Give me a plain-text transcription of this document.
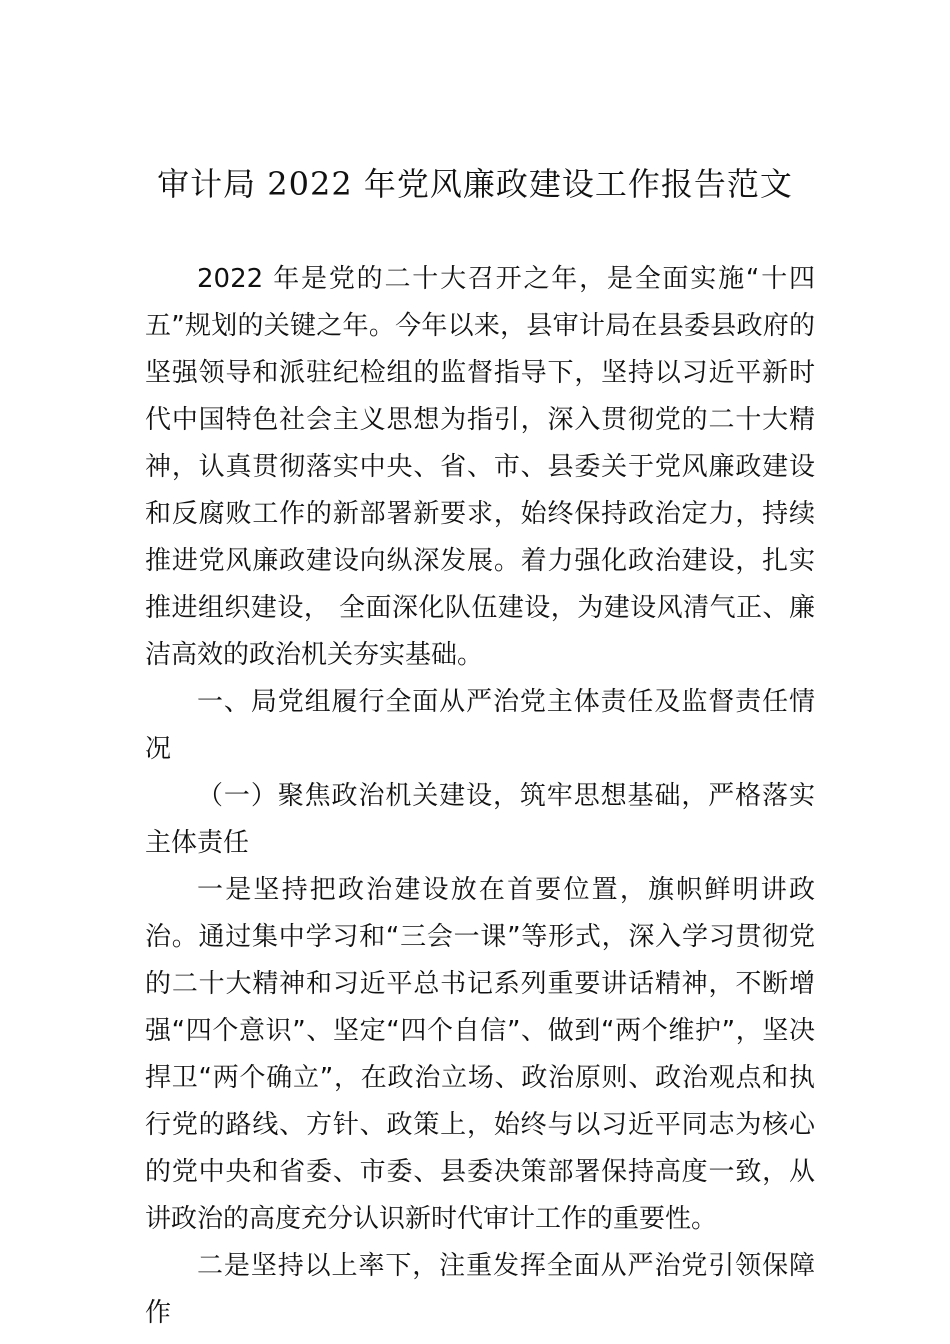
审计局 2022 年党风廉政建设工作报告范文

2022 年是党的二十大召开之年，是全面实施“十四五”规划的关键之年。今年以来，县审计局在县委县政府的坚强领导和派驻纪检组的监督指导下，坚持以习近平新时代中国特色社会主义思想为指引，深入贯彻党的二十大精神，认真贯彻落实中央、省、市、县委关于党风廉政建设和反腐败工作的新部署新要求，始终保持政治定力，持续推进党风廉政建设向纵深发展。着力强化政治建设，扎实推进组织建设， 全面深化队伍建设，为建设风清气正、廉洁高效的政治机关夯实基础。

一、局党组履行全面从严治党主体责任及监督责任情况

（一）聚焦政治机关建设，筑牢思想基础，严格落实主体责任

一是坚持把政治建设放在首要位置，旗帜鲜明讲政治。通过集中学习和“三会一课”等形式，深入学习贯彻党的二十大精神和习近平总书记系列重要讲话精神，不断增强“四个意识”、坚定“四个自信”、做到“两个维护”，坚决捍卫“两个确立”，在政治立场、政治原则、政治观点和执行党的路线、方针、政策上，始终与以习近平同志为核心的党中央和省委、市委、县委决策部署保持高度一致，从讲政治的高度充分认识新时代审计工作的重要性。

二是坚持以上率下，注重发挥全面从严治党引领保障作
